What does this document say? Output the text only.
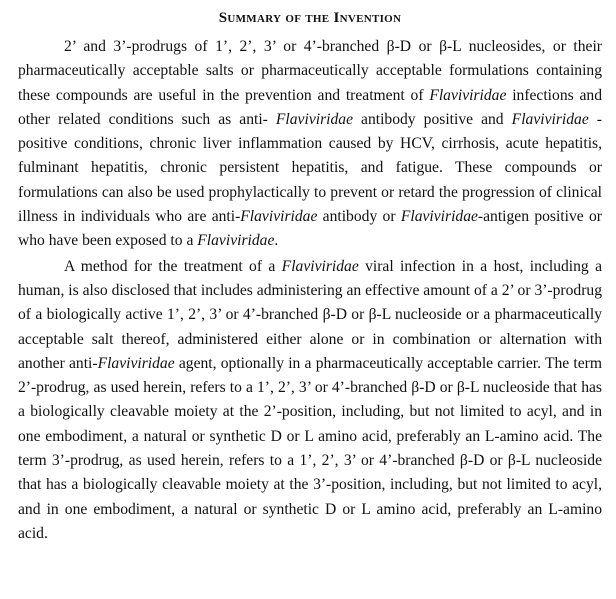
Summary of the Invention

2’ and 3’-prodrugs of 1’, 2’, 3’ or 4’-branched β-D or β-L nucleosides, or their pharmaceutically acceptable salts or pharmaceutically acceptable formulations containing these compounds are useful in the prevention and treatment of Flaviviridae infections and other related conditions such as anti- Flaviviridae antibody positive and Flaviviridae -positive conditions, chronic liver inflammation caused by HCV, cirrhosis, acute hepatitis, fulminant hepatitis, chronic persistent hepatitis, and fatigue. These compounds or formulations can also be used prophylactically to prevent or retard the progression of clinical illness in individuals who are anti-Flaviviridae antibody or Flaviviridae-antigen positive or who have been exposed to a Flaviviridae.

A method for the treatment of a Flaviviridae viral infection in a host, including a human, is also disclosed that includes administering an effective amount of a 2’ or 3’-prodrug of a biologically active 1’, 2’, 3’ or 4’-branched β-D or β-L nucleoside or a pharmaceutically acceptable salt thereof, administered either alone or in combination or alternation with another anti-Flaviviridae agent, optionally in a pharmaceutically acceptable carrier. The term 2’-prodrug, as used herein, refers to a 1’, 2’, 3’ or 4’-branched β-D or β-L nucleoside that has a biologically cleavable moiety at the 2’-position, including, but not limited to acyl, and in one embodiment, a natural or synthetic D or L amino acid, preferably an L-amino acid. The term 3’-prodrug, as used herein, refers to a 1’, 2’, 3’ or 4’-branched β-D or β-L nucleoside that has a biologically cleavable moiety at the 3’-position, including, but not limited to acyl, and in one embodiment, a natural or synthetic D or L amino acid, preferably an L-amino acid.
